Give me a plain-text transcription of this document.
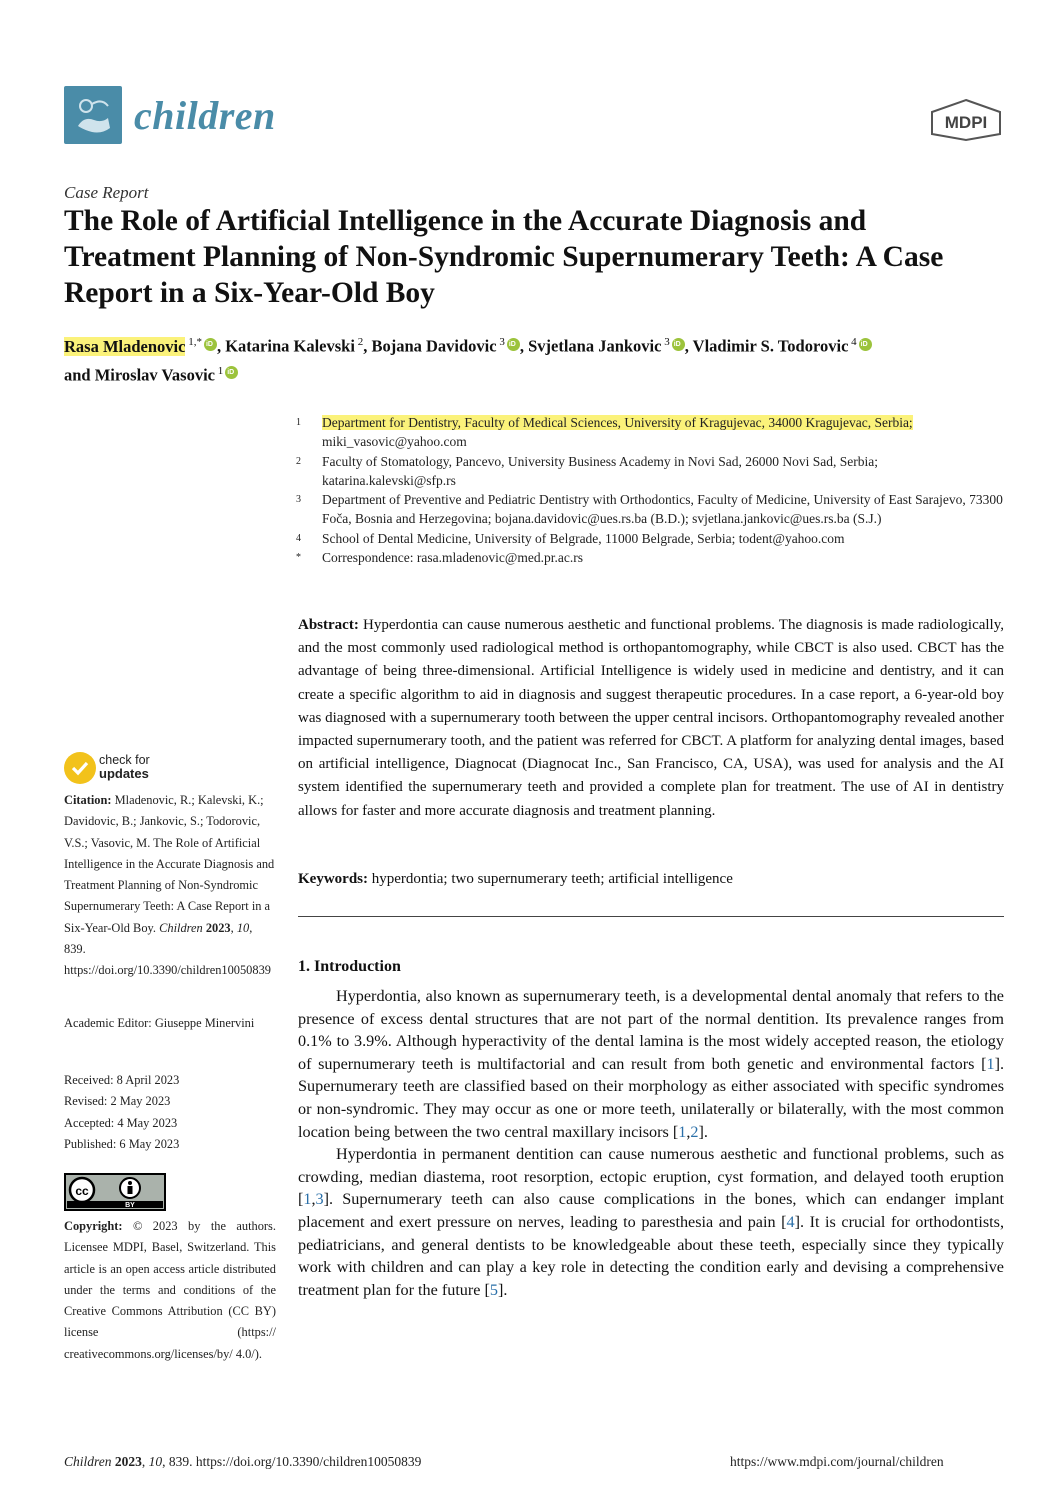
children	MDPI
Case Report
The Role of Artificial Intelligence in the Accurate Diagnosis and Treatment Planning of Non-Syndromic Supernumerary Teeth: A Case Report in a Six-Year-Old Boy
Rasa Mladenovic $^{1,*}$ iD , Katarina Kalevski $^2$, Bojana Davidovic $^3$ iD , Svjetlana Jankovic $^3$ iD , Vladimir S. Todorovic $^4$iD
and Miroslav Vasovic $^1$iD
1	Department for Dentistry, Faculty of Medical Sciences, University of Kragujevac, 34000 Kragujevac, Serbia;
miki_vasovic@yahoo.com
2	Faculty of Stomatology, Pancevo, University Business Academy in Novi Sad, 26000 Novi Sad, Serbia; katarina.kalevski@sfp.rs
3	Department of Preventive and Pediatric Dentistry with Orthodontics, Faculty of Medicine, University of East Sarajevo, 73300 Foča, Bosnia and Herzegovina; bojana.davidovic@ues.rs.ba (B.D.); svjetlana.jankovic@ues.rs.ba (S.J.)
4	School of Dental Medicine, University of Belgrade, 11000 Belgrade, Serbia; todent@yahoo.com
*	Correspondence: rasa.mladenovic@med.pr.ac.rs
Abstract: Hyperdontia can cause numerous aesthetic and functional problems. The diagnosis is made radiologically, and the most commonly used radiological method is orthopantomography, while CBCT is also used. CBCT has the advantage of being three-dimensional. Artificial Intelligence is widely used in medicine and dentistry, and it can create a specific algorithm to aid in diagnosis and suggest therapeutic procedures. In a case report, a 6-year-old boy was diagnosed with a supernumerary tooth between the upper central incisors. Orthopantomography revealed another impacted supernumerary tooth, and the patient was referred for CBCT. A platform for analyzing dental images, based on artificial intelligence, Diagnocat (Diagnocat Inc., San Francisco, CA, USA), was used for analysis and the AI system identified the supernumerary teeth and provided a complete plan for treatment. The use of AI in dentistry allows for faster and more accurate diagnosis and treatment planning.
Keywords: hyperdontia; two supernumerary teeth; artificial intelligence
1. Introduction

Hyperdontia, also known as supernumerary teeth, is a developmental dental anomaly that refers to the presence of excess dental structures that are not part of the normal dentition. Its prevalence ranges from 0.1% to 3.9%. Although hyperactivity of the dental lamina is the most widely accepted reason, the etiology of supernumerary teeth is multifactorial and can result from both genetic and environmental factors [1]. Supernumerary teeth are classified based on their morphology as either associated with specific syndromes or non-syndromic. They may occur as one or more teeth, unilaterally or bilaterally, with the most common location being between the two central maxillary incisors [1,2].

Hyperdontia in permanent dentition can cause numerous aesthetic and functional problems, such as crowding, median diastema, root resorption, ectopic eruption, cyst formation, and delayed tooth eruption [1,3]. Supernumerary teeth can also cause complications in the bones, which can endanger implant placement and exert pressure on nerves, leading to paresthesia and pain [4]. It is crucial for orthodontists, pediatricians, and general dentists to be knowledgeable about these teeth, especially since they typically work with children and can play a key role in detecting the condition early and devising a comprehensive treatment plan for the future [5].

check for
updates
Citation: Mladenovic, R.; Kalevski, K.; Davidovic, B.; Jankovic, S.; Todorovic, V.S.; Vasovic, M. The Role of Artificial Intelligence in the Accurate Diagnosis and Treatment Planning of Non-Syndromic Supernumerary Teeth: A Case Report in a Six-Year-Old Boy. Children 2023, 10, 839. https://doi.org/10.3390/children10050839
Academic Editor: Giuseppe Minervini
Received: 8 April 2023
Revised: 2 May 2023
Accepted: 4 May 2023
Published: 6 May 2023
cc
BY
Copyright: © 2023 by the authors. Licensee MDPI, Basel, Switzerland. This article is an open access article distributed under the terms and conditions of the Creative Commons Attribution (CC BY) license (https:// creativecommons.org/licenses/by/ 4.0/).
Children 2023, 10, 839. https://doi.org/10.3390/children10050839	https://www.mdpi.com/journal/children
